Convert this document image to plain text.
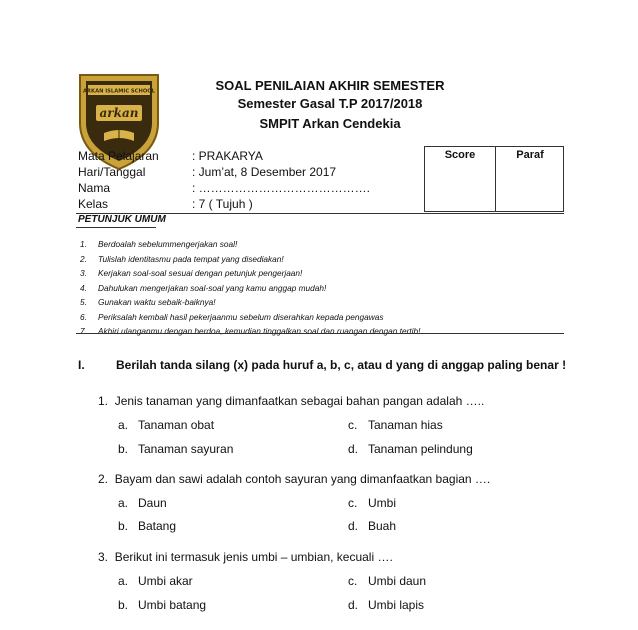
ARKAN ISLAMIC SCHOOL
arkan
SOAL PENILAIAN AKHIR SEMESTER
Semester Gasal T.P 2017/2018
SMPIT Arkan Cendekia
Mata Pelajaran	: PRAKARYA
Hari/Tanggal	: Jum’at, 8 Desember 2017
Nama	: …………………………………….
Kelas	: 7 ( Tujuh )
Score	Paraf
PETUNJUK UMUM
1. Berdoalah sebelummengerjakan soal!
2. Tulislah identitasmu pada tempat yang disediakan!
3. Kerjakan soal-soal sesuai dengan petunjuk pengerjaan!
4. Dahulukan mengerjakan soal-soal yang kamu anggap mudah!
5. Gunakan waktu sebaik-baiknya!
6. Periksalah kembali hasil pekerjaanmu sebelum diserahkan kepada pengawas
7. Akhiri ulanganmu dengan berdoa, kemudian tinggalkan soal dan ruangan dengan tertib!
I.	Berilah tanda silang (x) pada huruf a, b, c, atau d yang di anggap paling benar !
1. Jenis tanaman yang dimanfaatkan sebagai bahan pangan adalah …..
a. Tanaman obat	c. Tanaman hias
b. Tanaman sayuran	d. Tanaman pelindung
2. Bayam dan sawi adalah contoh sayuran yang dimanfaatkan bagian ….
a. Daun	c. Umbi
b. Batang	d. Buah
3. Berikut ini termasuk jenis umbi – umbian, kecuali ….
a. Umbi akar	c. Umbi daun
b. Umbi batang	d. Umbi lapis
